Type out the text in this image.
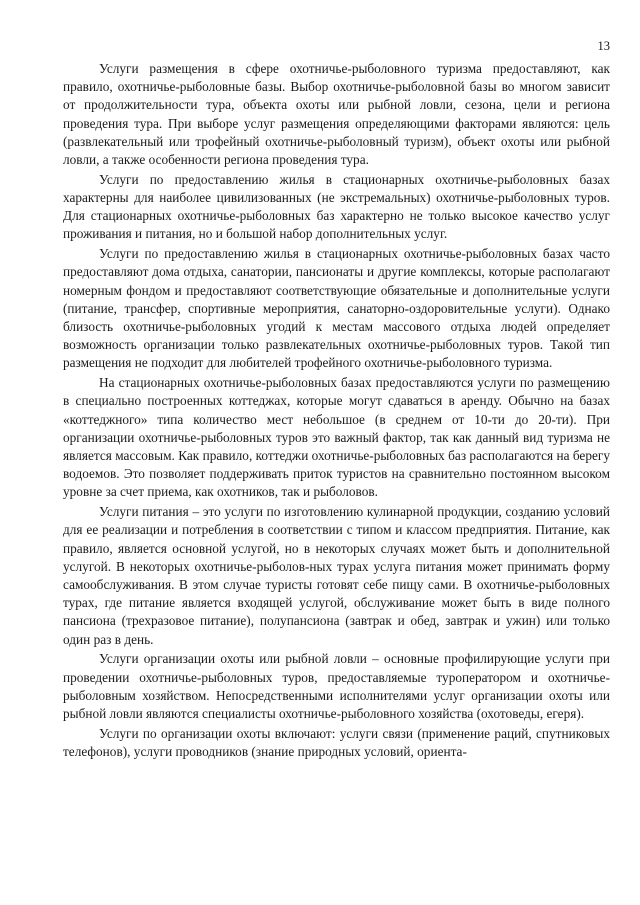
13

Услуги размещения в сфере охотничье-рыболовного туризма предоставляют, как правило, охотничье-рыболовные базы. Выбор охотничье-рыболовной базы во многом зависит от продолжительности тура, объекта охоты или рыбной ловли, сезона, цели и региона проведения тура. При выборе услуг размещения определяющими факторами являются: цель (развлекательный или трофейный охотничье-рыболовный туризм), объект охоты или рыбной ловли, а также особенности региона проведения тура.

Услуги по предоставлению жилья в стационарных охотничье-рыболовных базах характерны для наиболее цивилизованных (не экстремальных) охотничье-рыболовных туров. Для стационарных охотничье-рыболовных баз характерно не только высокое качество услуг проживания и питания, но и большой набор дополнительных услуг.

Услуги по предоставлению жилья в стационарных охотничье-рыболовных базах часто предоставляют дома отдыха, санатории, пансионаты и другие комплексы, которые располагают номерным фондом и предоставляют соответствующие обязательные и дополнительные услуги (питание, трансфер, спортивные мероприятия, санаторно-оздоровительные услуги). Однако близость охотничье-рыболовных угодий к местам массового отдыха людей определяет возможность организации только развлекательных охотничье-рыболовных туров. Такой тип размещения не подходит для любителей трофейного охотничье-рыболовного туризма.

На стационарных охотничье-рыболовных базах предоставляются услуги по размещению в специально построенных коттеджах, которые могут сдаваться в аренду. Обычно на базах «коттеджного» типа количество мест небольшое (в среднем от 10-ти до 20-ти). При организации охотничье-рыболовных туров это важный фактор, так как данный вид туризма не является массовым. Как правило, коттеджи охотничье-рыболовных баз располагаются на берегу водоемов. Это позволяет поддерживать приток туристов на сравнительно постоянном высоком уровне за счет приема, как охотников, так и рыболовов.

Услуги питания – это услуги по изготовлению кулинарной продукции, созданию условий для ее реализации и потребления в соответствии с типом и классом предприятия. Питание, как правило, является основной услугой, но в некоторых случаях может быть и дополнительной услугой. В некоторых охотничье-рыболов-ных турах услуга питания может принимать форму самообслуживания. В этом случае туристы готовят себе пищу сами. В охотничье-рыболовных турах, где питание является входящей услугой, обслуживание может быть в виде полного пансиона (трехразовое питание), полупансиона (завтрак и обед, завтрак и ужин) или только один раз в день.

Услуги организации охоты или рыбной ловли – основные профилирующие услуги при проведении охотничье-рыболовных туров, предоставляемые туроператором и охотничье-рыболовным хозяйством. Непосредственными исполнителями услуг организации охоты или рыбной ловли являются специалисты охотничье-рыболовного хозяйства (охотоведы, егеря).

Услуги по организации охоты включают: услуги связи (применение раций, спутниковых телефонов), услуги проводников (знание природных условий, ориента-
